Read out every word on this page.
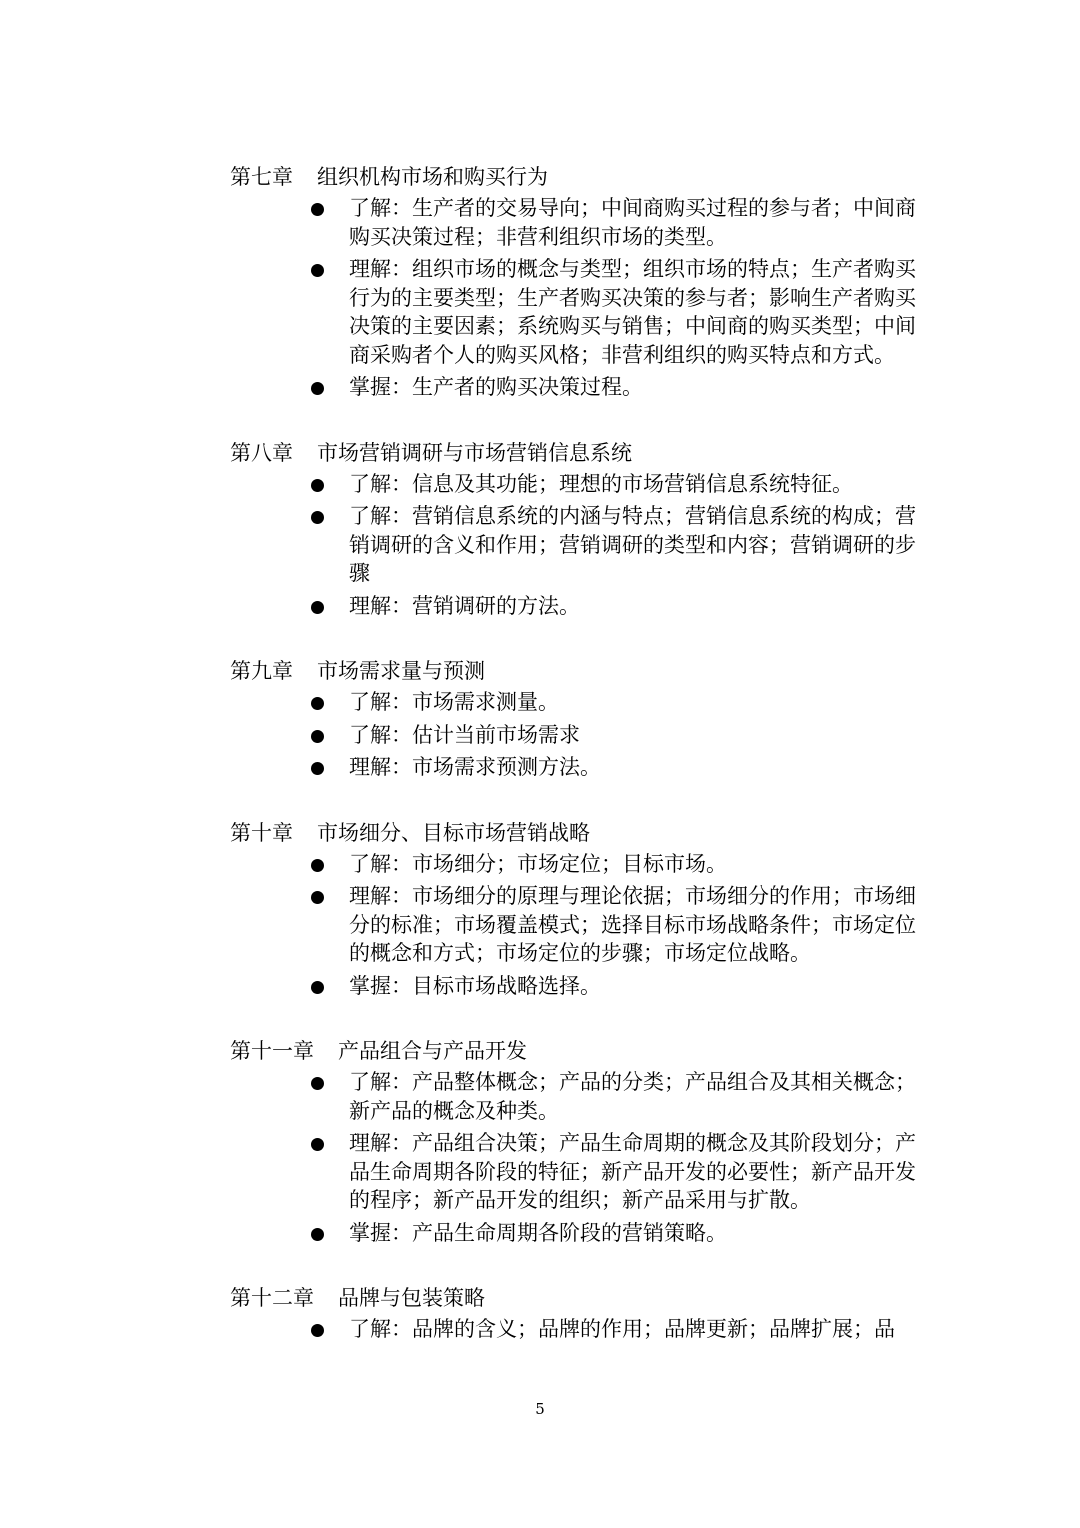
第七章 组织机构市场和购买行为
了解：生产者的交易导向；中间商购买过程的参与者；中间商购买决策过程；非营利组织市场的类型。
理解：组织市场的概念与类型；组织市场的特点；生产者购买行为的主要类型；生产者购买决策的参与者；影响生产者购买决策的主要因素；系统购买与销售；中间商的购买类型；中间商采购者个人的购买风格；非营利组织的购买特点和方式。
掌握：生产者的购买决策过程。
第八章 市场营销调研与市场营销信息系统
了解：信息及其功能；理想的市场营销信息系统特征。
了解：营销信息系统的内涵与特点；营销信息系统的构成；营销调研的含义和作用；营销调研的类型和内容；营销调研的步骤
理解：营销调研的方法。
第九章 市场需求量与预测
了解：市场需求测量。
了解：估计当前市场需求
理解：市场需求预测方法。
第十章 市场细分、目标市场营销战略
了解：市场细分；市场定位；目标市场。
理解：市场细分的原理与理论依据；市场细分的作用；市场细分的标准；市场覆盖模式；选择目标市场战略条件；市场定位的概念和方式；市场定位的步骤；市场定位战略。
掌握：目标市场战略选择。
第十一章 产品组合与产品开发
了解：产品整体概念；产品的分类；产品组合及其相关概念；新产品的概念及种类。
理解：产品组合决策；产品生命周期的概念及其阶段划分；产品生命周期各阶段的特征；新产品开发的必要性；新产品开发的程序；新产品开发的组织；新产品采用与扩散。
掌握：产品生命周期各阶段的营销策略。
第十二章 品牌与包装策略
了解：品牌的含义；品牌的作用；品牌更新；品牌扩展；品
5
